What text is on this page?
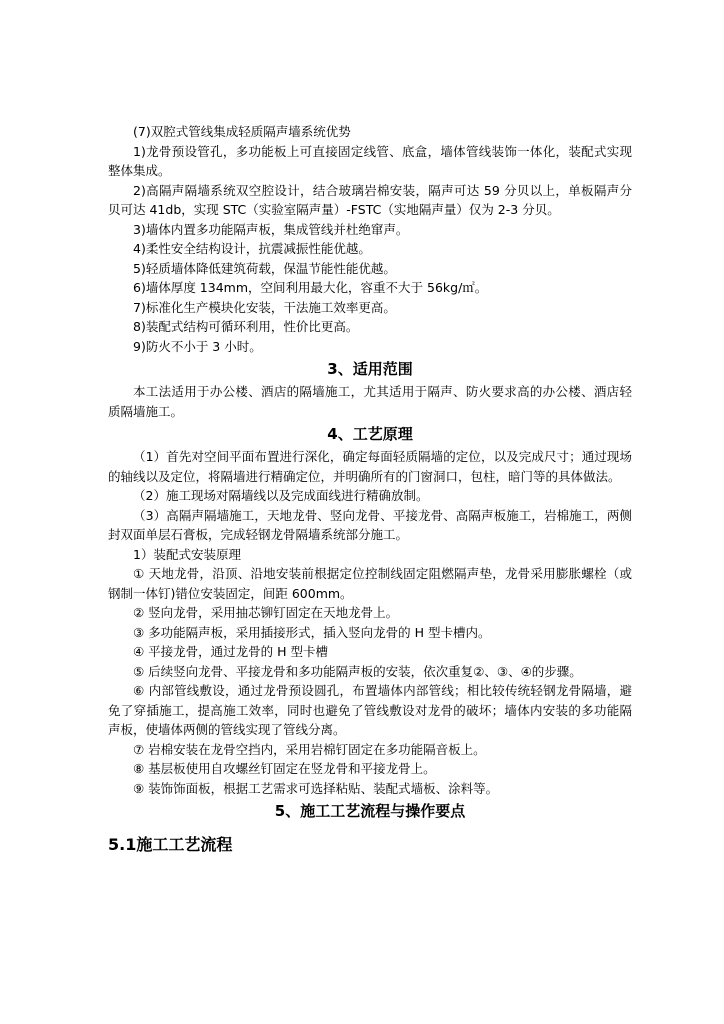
(7)双腔式管线集成轻质隔声墙系统优势

1)龙骨预设管孔，多功能板上可直接固定线管、底盒，墙体管线装饰一体化，装配式实现整体集成。

2)高隔声隔墙系统双空腔设计，结合玻璃岩棉安装，隔声可达 59 分贝以上，单板隔声分贝可达 41db，实现 STC（实验室隔声量）-FSTC（实地隔声量）仅为 2-3 分贝。

3)墙体内置多功能隔声板，集成管线并杜绝窜声。

4)柔性安全结构设计，抗震减振性能优越。

5)轻质墙体降低建筑荷载，保温节能性能优越。

6)墙体厚度 134mm，空间利用最大化，容重不大于 56kg/㎡。

7)标准化生产模块化安装，干法施工效率更高。

8)装配式结构可循环利用，性价比更高。

9)防火不小于 3 小时。

3、适用范围

本工法适用于办公楼、酒店的隔墙施工，尤其适用于隔声、防火要求高的办公楼、酒店轻质隔墙施工。

4、工艺原理

（1）首先对空间平面布置进行深化，确定每面轻质隔墙的定位，以及完成尺寸；通过现场的轴线以及定位，将隔墙进行精确定位，并明确所有的门窗洞口，包柱，暗门等的具体做法。

（2）施工现场对隔墙线以及完成面线进行精确放制。

（3）高隔声隔墙施工，天地龙骨、竖向龙骨、平接龙骨、高隔声板施工，岩棉施工，两侧封双面单层石膏板，完成轻钢龙骨隔墙系统部分施工。

1）装配式安装原理

① 天地龙骨，沿顶、沿地安装前根据定位控制线固定阻燃隔声垫，龙骨采用膨胀螺栓（或钢制一体钉)错位安装固定，间距 600mm。

② 竖向龙骨，采用抽芯铆钉固定在天地龙骨上。

③ 多功能隔声板，采用插接形式，插入竖向龙骨的 H 型卡槽内。

④ 平接龙骨，通过龙骨的 H 型卡槽

⑤ 后续竖向龙骨、平接龙骨和多功能隔声板的安装，依次重复②、③、④的步骤。

⑥ 内部管线敷设，通过龙骨预设圆孔，布置墙体内部管线；相比较传统轻钢龙骨隔墙，避免了穿插施工，提高施工效率，同时也避免了管线敷设对龙骨的破坏；墙体内安装的多功能隔声板，使墙体两侧的管线实现了管线分离。

⑦ 岩棉安装在龙骨空挡内，采用岩棉钉固定在多功能隔音板上。

⑧ 基层板使用自攻螺丝钉固定在竖龙骨和平接龙骨上。

⑨ 装饰饰面板，根据工艺需求可选择粘贴、装配式墙板、涂料等。

5、施工工艺流程与操作要点
5.1施工工艺流程
